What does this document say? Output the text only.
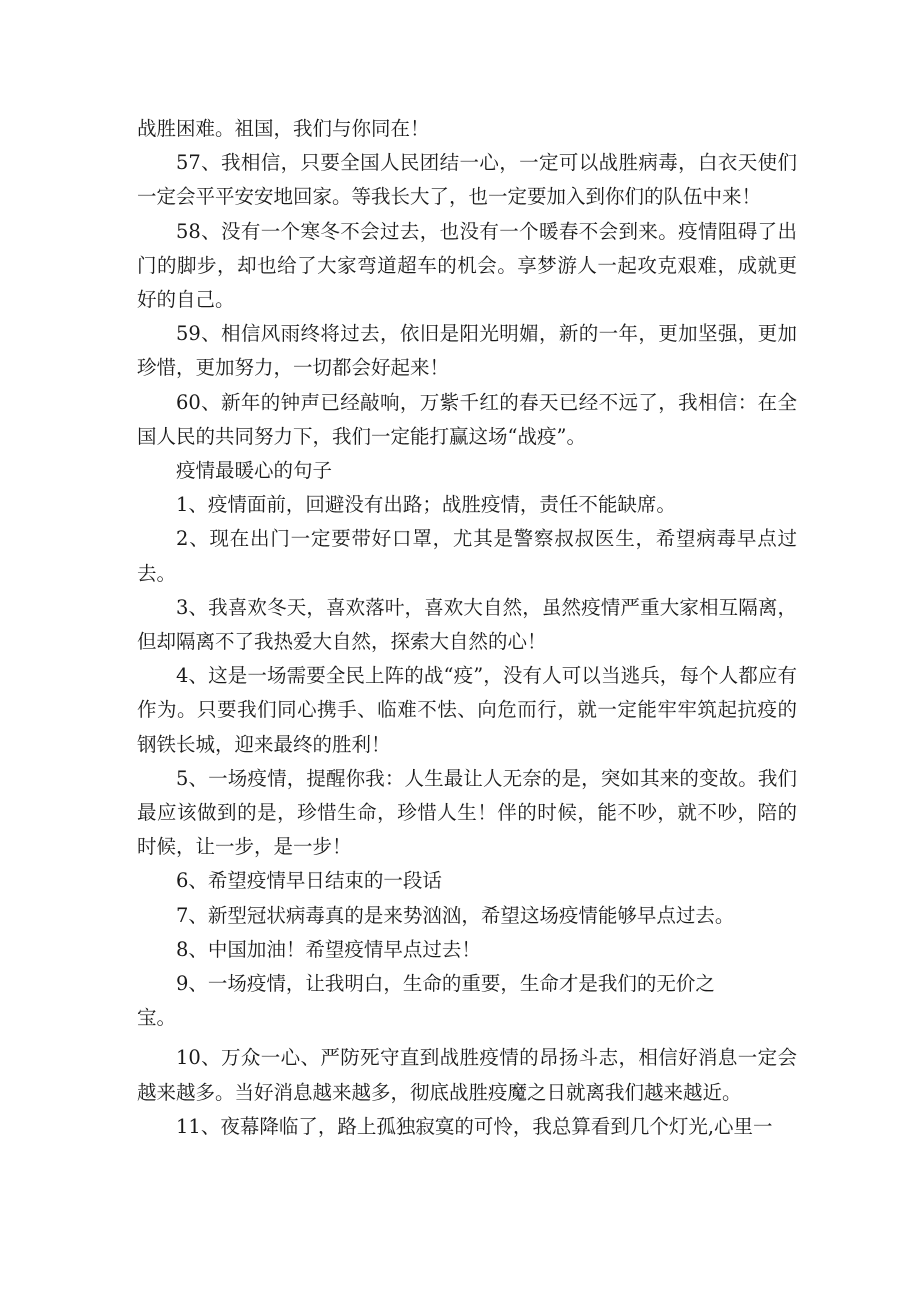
战胜困难。祖国，我们与你同在！

57、我相信，只要全国人民团结一心，一定可以战胜病毒，白衣天使们一定会平平安安地回家。等我长大了，也一定要加入到你们的队伍中来！

58、没有一个寒冬不会过去，也没有一个暖春不会到来。疫情阻碍了出门的脚步，却也给了大家弯道超车的机会。享梦游人一起攻克艰难，成就更好的自己。

59、相信风雨终将过去，依旧是阳光明媚，新的一年，更加坚强，更加珍惜，更加努力，一切都会好起来！

60、新年的钟声已经敲响，万紫千红的春天已经不远了，我相信：在全国人民的共同努力下，我们一定能打赢这场“战疫”。

疫情最暖心的句子

1、疫情面前，回避没有出路；战胜疫情，责任不能缺席。

2、现在出门一定要带好口罩，尤其是警察叔叔医生，希望病毒早点过去。

3、我喜欢冬天，喜欢落叶，喜欢大自然，虽然疫情严重大家相互隔离，但却隔离不了我热爱大自然，探索大自然的心！

4、这是一场需要全民上阵的战“疫”，没有人可以当逃兵，每个人都应有作为。只要我们同心携手、临难不怯、向危而行，就一定能牢牢筑起抗疫的钢铁长城，迎来最终的胜利！

5、一场疫情，提醒你我：人生最让人无奈的是，突如其来的变故。我们最应该做到的是，珍惜生命，珍惜人生！伴的时候，能不吵，就不吵，陪的时候，让一步，是一步！

6、希望疫情早日结束的一段话

7、新型冠状病毒真的是来势汹汹，希望这场疫情能够早点过去。

8、中国加油！希望疫情早点过去！

9、一场疫情，让我明白，生命的重要，生命才是我们的无价之

宝。

10、万众一心、严防死守直到战胜疫情的昂扬斗志，相信好消息一定会越来越多。当好消息越来越多，彻底战胜疫魔之日就离我们越来越近。

11、夜幕降临了，路上孤独寂寞的可怜，我总算看到几个灯光,心里一
